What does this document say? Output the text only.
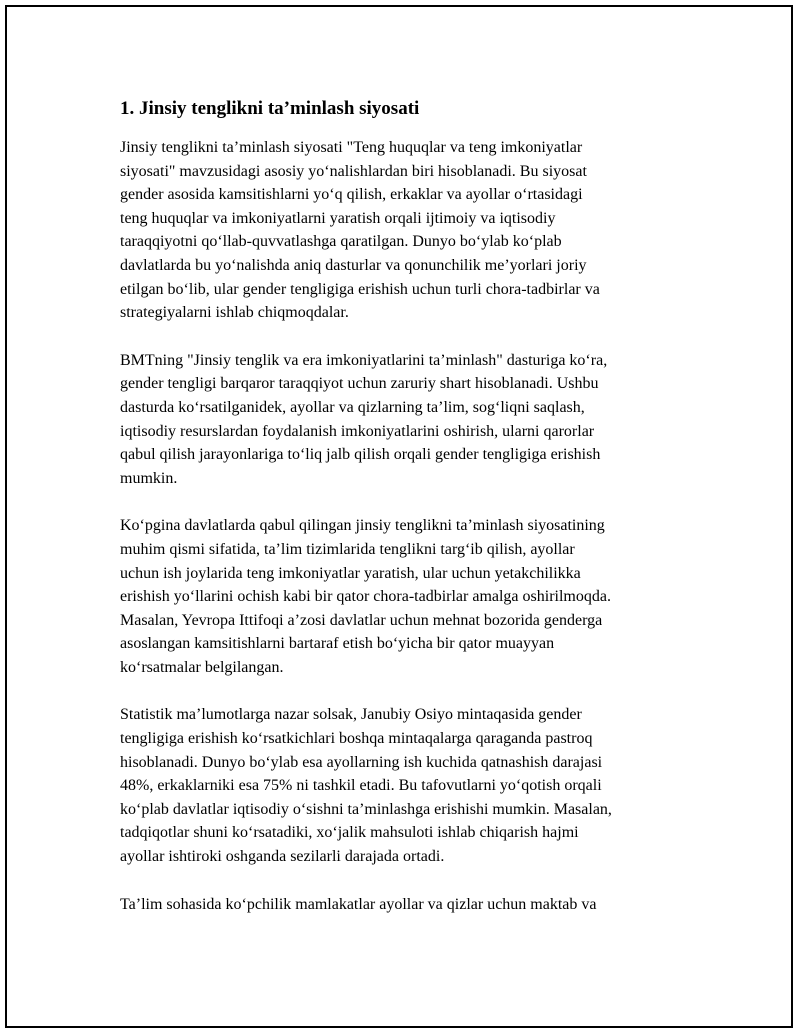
1. Jinsiy tenglikni ta’minlash siyosati

Jinsiy tenglikni ta’minlash siyosati "Teng huquqlar va teng imkoniyatlar
siyosati" mavzusidagi asosiy yo‘nalishlardan biri hisoblanadi. Bu siyosat
gender asosida kamsitishlarni yo‘q qilish, erkaklar va ayollar o‘rtasidagi
teng huquqlar va imkoniyatlarni yaratish orqali ijtimoiy va iqtisodiy
taraqqiyotni qo‘llab-quvvatlashga qaratilgan. Dunyo bo‘ylab ko‘plab
davlatlarda bu yo‘nalishda aniq dasturlar va qonunchilik me’yorlari joriy
etilgan bo‘lib, ular gender tengligiga erishish uchun turli chora-tadbirlar va
strategiyalarni ishlab chiqmoqdalar.

BMTning "Jinsiy tenglik va era imkoniyatlarini ta’minlash" dasturiga ko‘ra,
gender tengligi barqaror taraqqiyot uchun zaruriy shart hisoblanadi. Ushbu
dasturda ko‘rsatilganidek, ayollar va qizlarning ta’lim, sog‘liqni saqlash,
iqtisodiy resurslardan foydalanish imkoniyatlarini oshirish, ularni qarorlar
qabul qilish jarayonlariga to‘liq jalb qilish orqali gender tengligiga erishish
mumkin.

Ko‘pgina davlatlarda qabul qilingan jinsiy tenglikni ta’minlash siyosatining
muhim qismi sifatida, ta’lim tizimlarida tenglikni targ‘ib qilish, ayollar
uchun ish joylarida teng imkoniyatlar yaratish, ular uchun yetakchilikka
erishish yo‘llarini ochish kabi bir qator chora-tadbirlar amalga oshirilmoqda.
Masalan, Yevropa Ittifoqi a’zosi davlatlar uchun mehnat bozorida genderga
asoslangan kamsitishlarni bartaraf etish bo‘yicha bir qator muayyan
ko‘rsatmalar belgilangan.

Statistik ma’lumotlarga nazar solsak, Janubiy Osiyo mintaqasida gender
tengligiga erishish ko‘rsatkichlari boshqa mintaqalarga qaraganda pastroq
hisoblanadi. Dunyo bo‘ylab esa ayollarning ish kuchida qatnashish darajasi
48%, erkaklarniki esa 75% ni tashkil etadi. Bu tafovutlarni yo‘qotish orqali
ko‘plab davlatlar iqtisodiy o‘sishni ta’minlashga erishishi mumkin. Masalan,
tadqiqotlar shuni ko‘rsatadiki, xo‘jalik mahsuloti ishlab chiqarish hajmi
ayollar ishtiroki oshganda sezilarli darajada ortadi.

Ta’lim sohasida ko‘pchilik mamlakatlar ayollar va qizlar uchun maktab va
